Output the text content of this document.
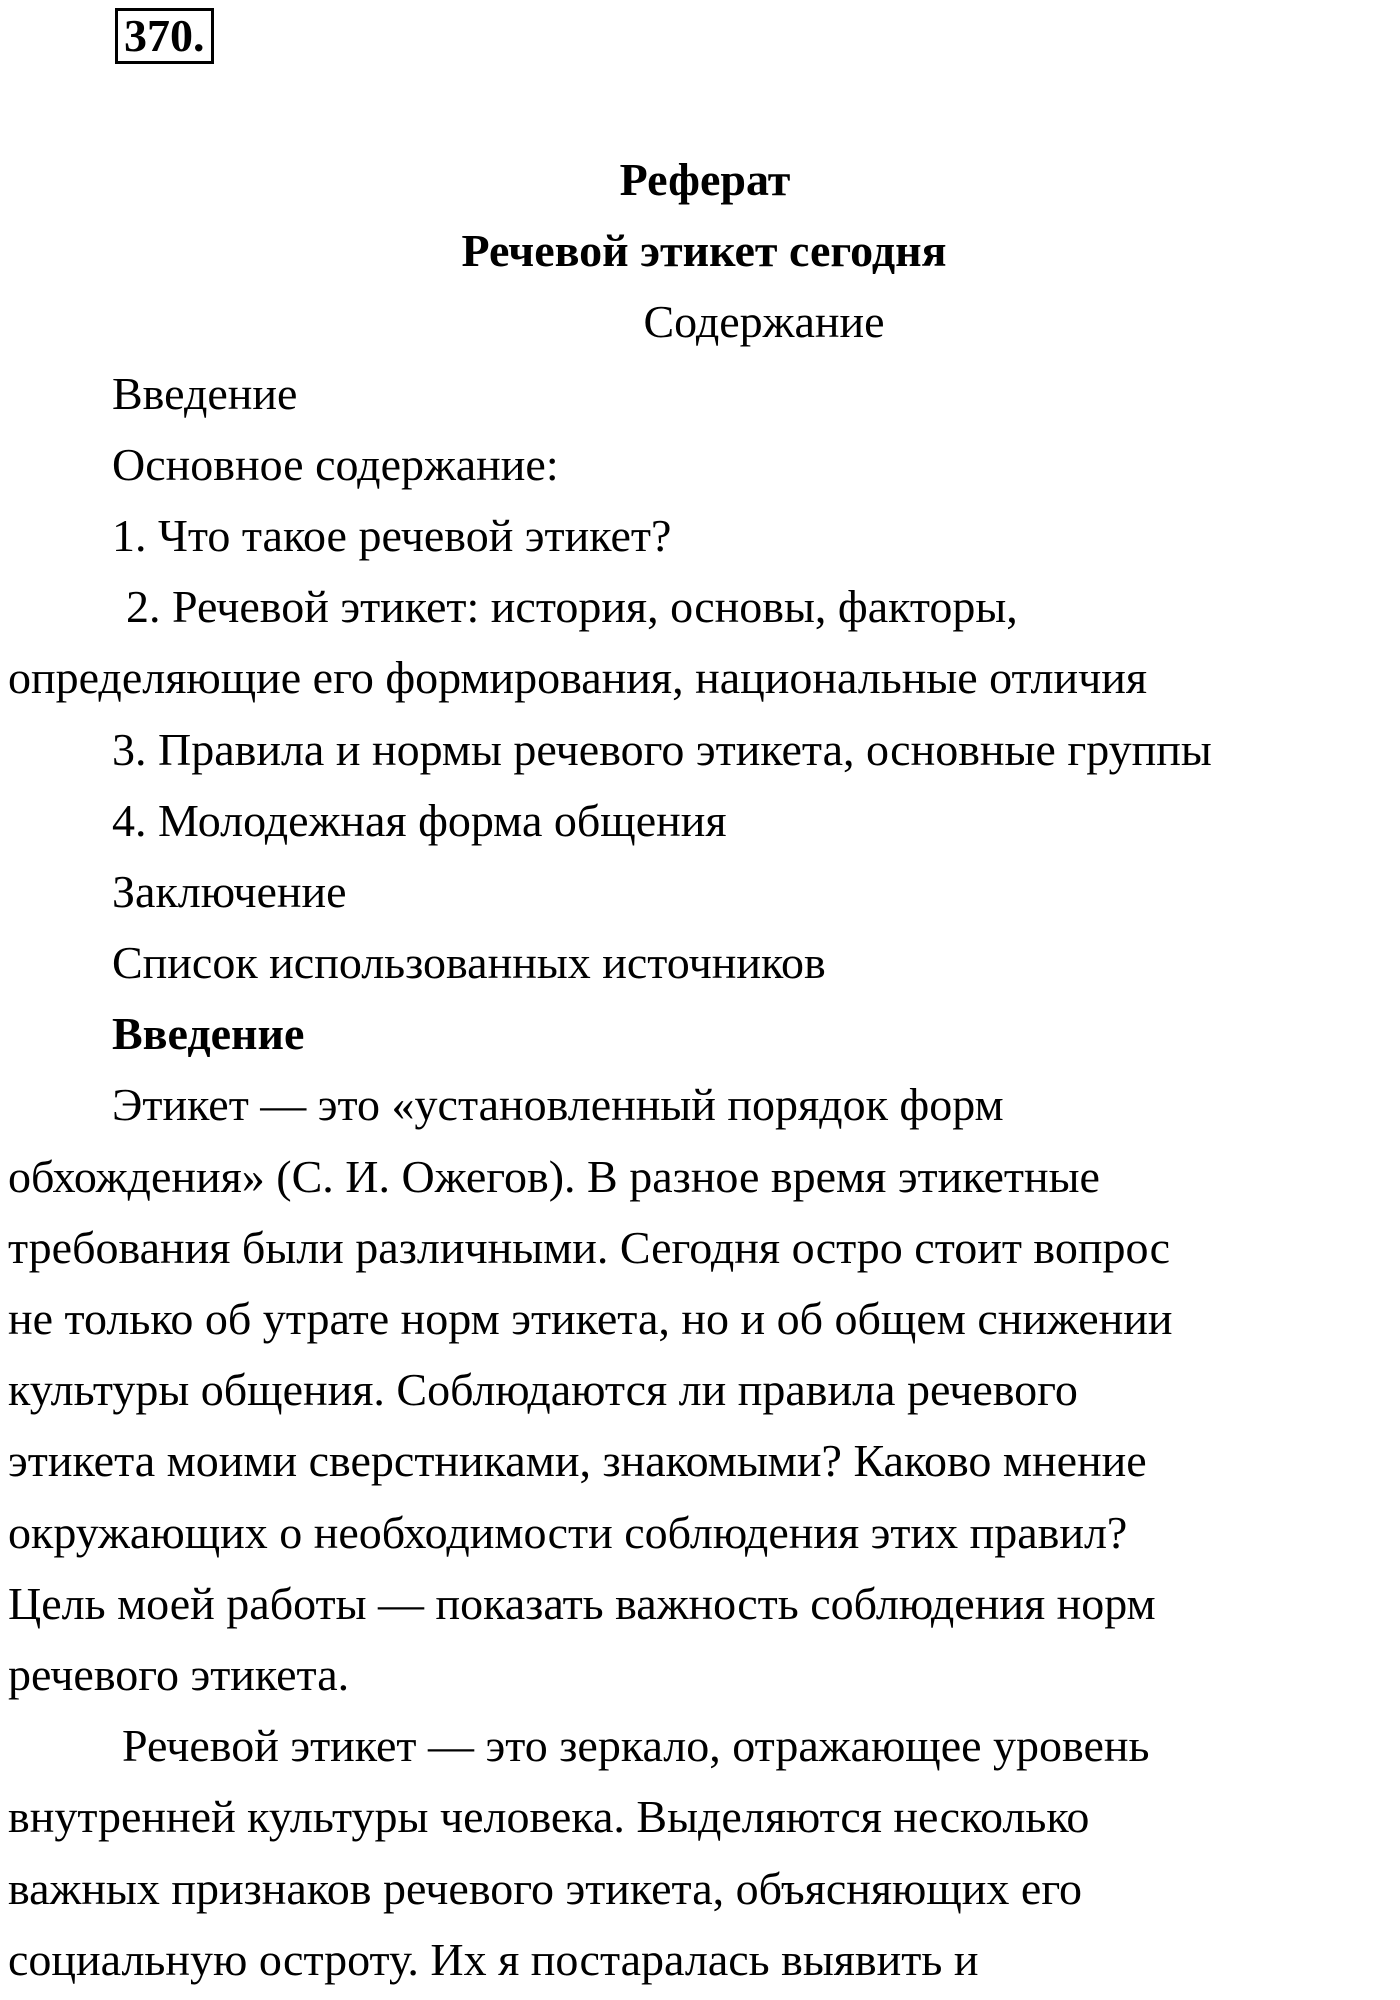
370.
Реферат
Речевой этикет сегодня
Содержание
Введение
Основное содержание:
1. Что такое речевой этикет?
2. Речевой этикет: история, основы, факторы,
определяющие его формирования, национальные отличия
3. Правила и нормы речевого этикета, основные группы
4. Молодежная форма общения
Заключение
Список использованных источников
Введение
Этикет — это «установленный порядок форм
обхождения» (С. И. Ожегов). В разное время этикетные
требования были различными. Сегодня остро стоит вопрос
не только об утрате норм этикета, но и об общем снижении
культуры общения. Соблюдаются ли правила речевого
этикета моими сверстниками, знакомыми? Каково мнение
окружающих о необходимости соблюдения этих правил?
Цель моей работы — показать важность соблюдения норм
речевого этикета.
Речевой этикет — это зеркало, отражающее уровень
внутренней культуры человека. Выделяются несколько
важных признаков речевого этикета, объясняющих его
социальную остроту. Их я постаралась выявить и
